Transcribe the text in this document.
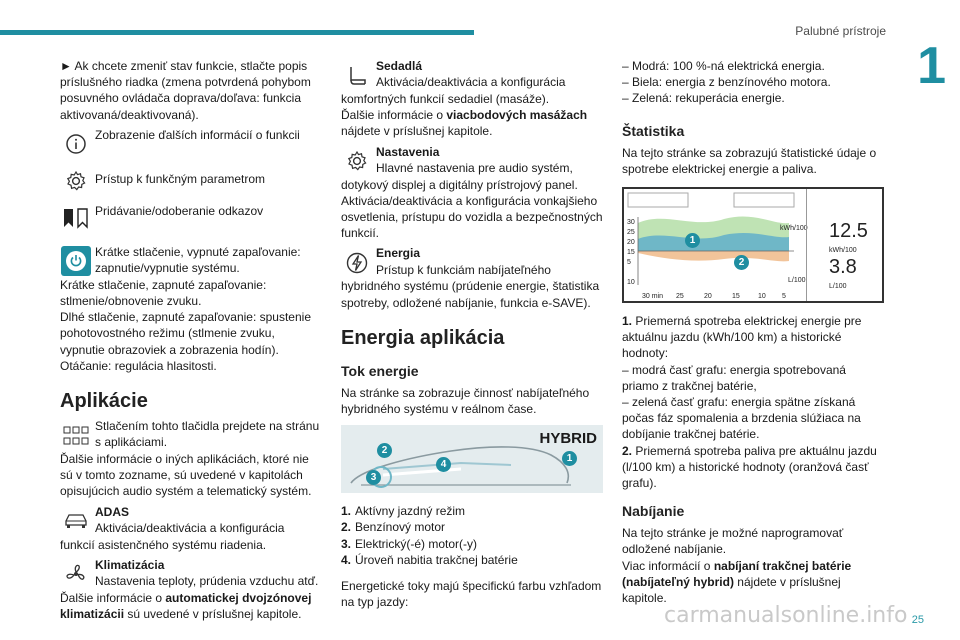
Palubné prístroje
1
25

► Ak chcete zmeniť stav funkcie, stlačte popis príslušného riadka (zmena potvrdená pohybom posuvného ovládača doprava/doľava: funkcia aktivovaná/deaktivovaná).

Zobrazenie ďalších informácií o funkcii
Prístup k funkčným parametrom
Pridávanie/odoberanie odkazov
Krátke stlačenie, vypnuté zapaľovanie: zapnutie/vypnutie systému.

Krátke stlačenie, zapnuté zapaľovanie: stlmenie/obnovenie zvuku.
Dlhé stlačenie, zapnuté zapaľovanie: spustenie pohotovostného režimu (stlmenie zvuku, vypnutie obrazoviek a zobrazenia hodín).
Otáčanie: regulácia hlasitosti.

Aplikácie
Stlačením tohto tlačidla prejdete na stránu s aplikáciami.

Ďalšie informácie o iných aplikáciách, ktoré nie sú v tomto zozname, sú uvedené v kapitolách opisujúcich audio systém a telematický systém.

ADAS
Aktivácia/deaktivácia a konfigurácia

funkcií asistenčného systému riadenia.

Klimatizácia
Nastavenia teploty, prúdenia vzduchu atď.

Ďalšie informácie o automatickej dvojzónovej klimatizácii sú uvedené v príslušnej kapitole.

Sedadlá
Aktivácia/deaktivácia a konfigurácia

komfortných funkcií sedadiel (masáže).

Ďalšie informácie o viacbodových masážach nájdete v príslušnej kapitole.

Nastavenia
Hlavné nastavenia pre audio systém,

dotykový displej a digitálny prístrojový panel.
Aktivácia/deaktivácia a konfigurácia vonkajšieho osvetlenia, prístupu do vozidla a bezpečnostných funkcií.

Energia
Prístup k funkciám nabíjateľného

hybridného systému (prúdenie energie, štatistika spotreby, odložené nabíjanie, funkcia e-SAVE).

Energia aplikácia
Tok energie

Na stránke sa zobrazuje činnosť nabíjateľného hybridného systému v reálnom čase.

HYBRID
2
3
4
1
1. Aktívny jazdný režim
2. Benzínový motor
3. Elektrický(-é) motor(-y)
4. Úroveň nabitia trakčnej batérie

Energetické toky majú špecifickú farbu vzhľadom na typ jazdy:

– Modrá: 100 %-ná elektrická energia.

– Biela: energia z benzínového motora.

– Zelená: rekuperácia energie.

Štatistika

Na tejto stránke sa zobrazujú štatistické údaje o spotrebe elektrickej energie a paliva.

kWh/100
L/100
30
25
20
15
5
10
30 min 25	20	15	10 5
1
2
12.5
kWh/100
3.8
L/100

1. Priemerná spotreba elektrickej energie pre aktuálnu jazdu (kWh/100 km) a historické hodnoty:

– modrá časť grafu: energia spotrebovaná priamo z trakčnej batérie,
– zelená časť grafu: energia spätne získaná počas fáz spomalenia a brzdenia slúžiaca na dobíjanie trakčnej batérie.

2. Priemerná spotreba paliva pre aktuálnu jazdu (l/100 km) a historické hodnoty (oranžová časť grafu).

Nabíjanie

Na tejto stránke je možné naprogramovať odložené nabíjanie.

Viac informácií o nabíjaní trakčnej batérie (nabíjateľný hybrid) nájdete v príslušnej kapitole.

carmanualsonline.info
